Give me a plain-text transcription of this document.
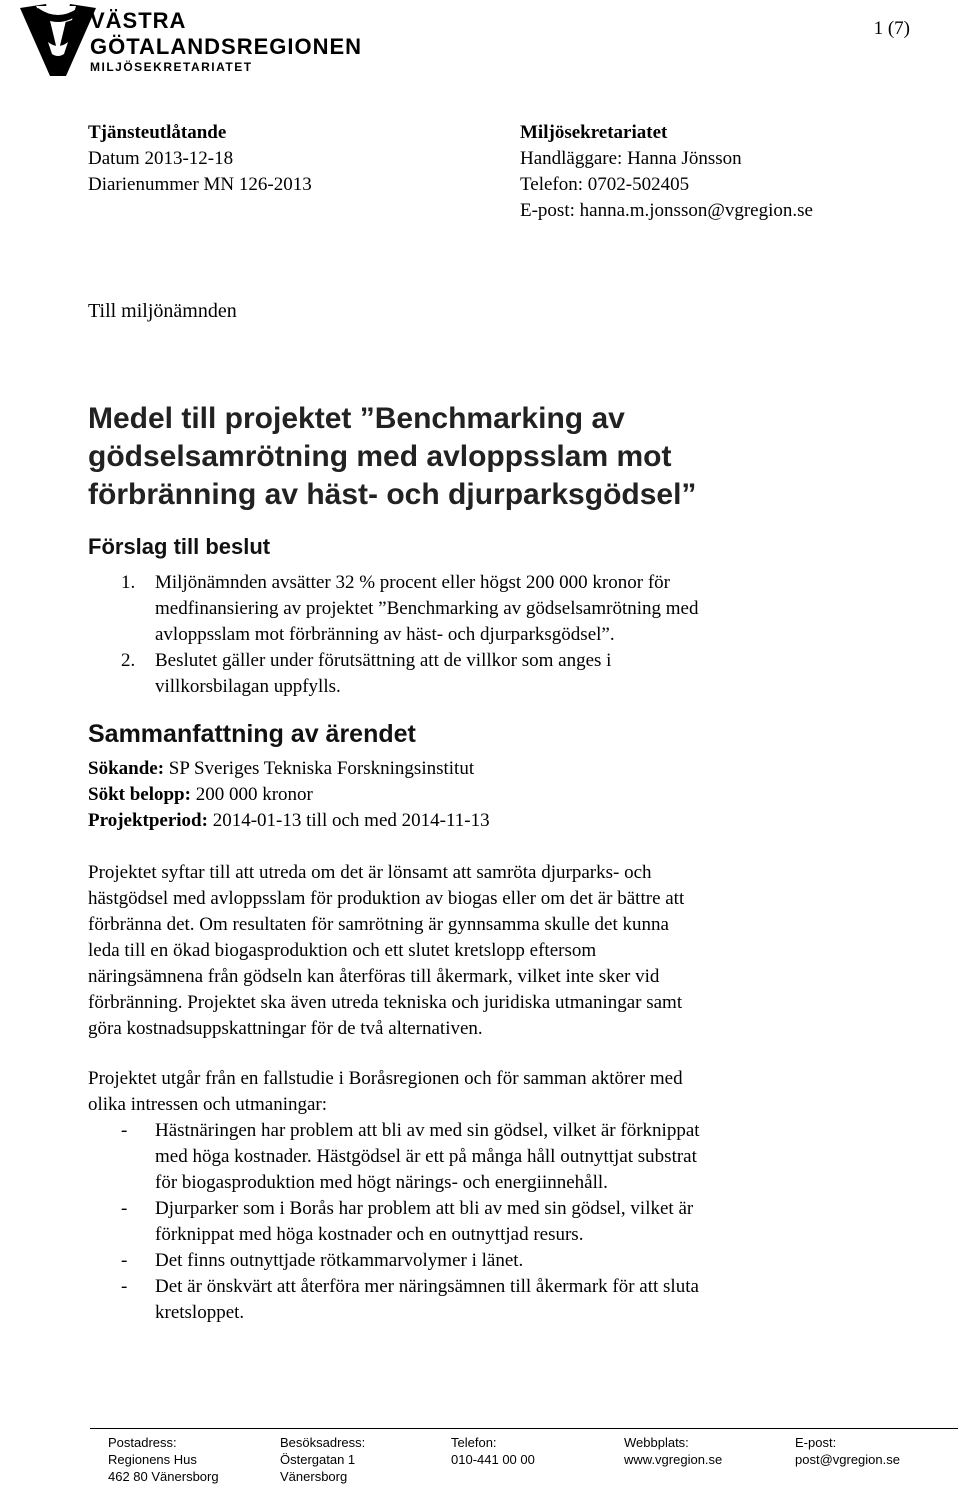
VÄSTRA
GÖTALANDSREGIONEN
MILJÖSEKRETARIATET
1 (7)
Tjänsteutlåtande
Datum 2013-12-18
Diarienummer MN 126-2013
Miljösekretariatet
Handläggare: Hanna Jönsson
Telefon: 0702-502405
E-post: hanna.m.jonsson@vgregion.se
Till miljönämnden
Medel till projektet ”Benchmarking av
gödselsamrötning med avloppsslam mot
förbränning av häst- och djurparksgödsel”
Förslag till beslut
1. Miljönämnden avsätter 32 % procent eller högst 200 000 kronor för
medfinansiering av projektet ”Benchmarking av gödselsamrötning med
avloppsslam mot förbränning av häst- och djurparksgödsel”.
2. Beslutet gäller under förutsättning att de villkor som anges i
villkorsbilagan uppfylls.
Sammanfattning av ärendet
Sökande: SP Sveriges Tekniska Forskningsinstitut
Sökt belopp: 200 000 kronor
Projektperiod: 2014-01-13 till och med 2014-11-13
Projektet syftar till att utreda om det är lönsamt att samröta djurparks- och
hästgödsel med avloppsslam för produktion av biogas eller om det är bättre att
förbränna det. Om resultaten för samrötning är gynnsamma skulle det kunna
leda till en ökad biogasproduktion och ett slutet kretslopp eftersom
näringsämnena från gödseln kan återföras till åkermark, vilket inte sker vid
förbränning. Projektet ska även utreda tekniska och juridiska utmaningar samt
göra kostnadsuppskattningar för de två alternativen.
Projektet utgår från en fallstudie i Boråsregionen och för samman aktörer med
olika intressen och utmaningar:
- Hästnäringen har problem att bli av med sin gödsel, vilket är förknippat
med höga kostnader. Hästgödsel är ett på många håll outnyttjat substrat
för biogasproduktion med högt närings- och energiinnehåll.
- Djurparker som i Borås har problem att bli av med sin gödsel, vilket är
förknippat med höga kostnader och en outnyttjad resurs.
- Det finns outnyttjade rötkammarvolymer i länet.
- Det är önskvärt att återföra mer näringsämnen till åkermark för att sluta
kretsloppet.
Postadress:
Regionens Hus
462 80 Vänersborg
Besöksadress:
Östergatan 1
Vänersborg
Telefon:
010-441 00 00
Webbplats:
www.vgregion.se
E-post:
post@vgregion.se
